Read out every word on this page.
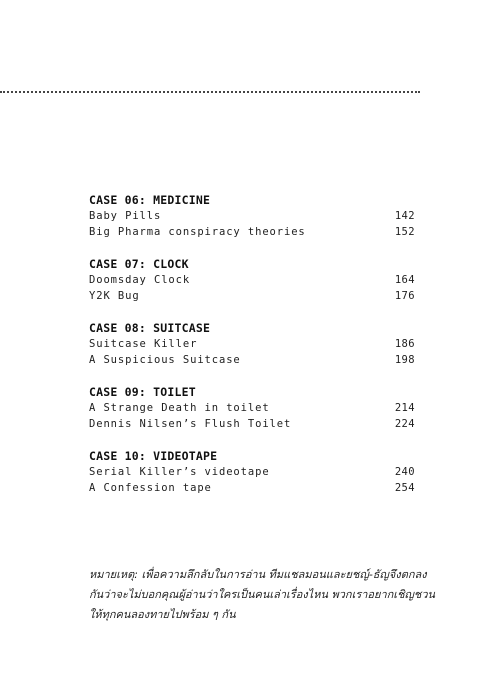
CASE 06: MEDICINE
Baby Pills	142
Big Pharma conspiracy theories	152
CASE 07: CLOCK
Doomsday Clock	164
Y2K Bug	176
CASE 08: SUITCASE
Suitcase Killer	186
A Suspicious Suitcase	198
CASE 09: TOILET
A Strange Death in toilet	214
Dennis Nilsen’s Flush Toilet	224
CASE 10: VIDEOTAPE
Serial Killer’s videotape	240
A Confession tape	254
หมายเหตุ: เพื่อความลึกลับในการอ่าน ทีมแชลมอนและยชญ์-ธัญจึงตกลง
กันว่าจะไม่บอกคุณผู้อ่านว่าใครเป็นคนเล่าเรื่องไหน พวกเราอยากเชิญชวน
ให้ทุกคนลองทายไปพร้อม ๆ กัน
